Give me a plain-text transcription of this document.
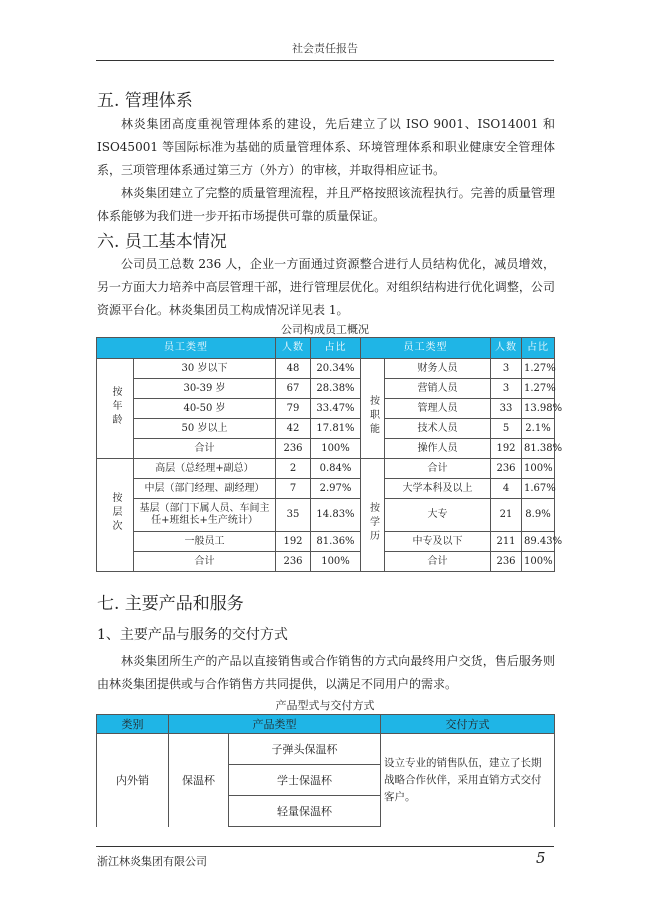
社会责任报告
五. 管理体系

林炎集团高度重视管理体系的建设，先后建立了以 ISO 9001、ISO14001 和 ISO45001 等国际标准为基础的质量管理体系、环境管理体系和职业健康安全管理体系，三项管理体系通过第三方（外方）的审核，并取得相应证书。

林炎集团建立了完整的质量管理流程，并且严格按照该流程执行。完善的质量管理体系能够为我们进一步开拓市场提供可靠的质量保证。

六. 员工基本情况

公司员工总数 236 人，企业一方面通过资源整合进行人员结构优化，减员增效，另一方面大力培养中高层管理干部，进行管理层优化。对组织结构进行优化调整，公司资源平台化。林炎集团员工构成情况详见表 1。

公司构成员工概况
员工类型		人数	占比	员工类型		人数	占比
按年龄	30 岁以下	48	20.34%		财务人员	3	1.27%
	30-39 岁	67	28.38%	按职能	营销人员	3	1.27%
	40-50 岁	79	33.47%		管理人员	33	13.98%
	50 岁以上	42	17.81%		技术人员	5	2.1%
	合计	236	100%		操作人员	192	81.38%
按层次	高层（总经理+副总）	2	0.84%		合计	236	100%
	中层（部门经理、副经理）	7	2.97%	按学历	大学本科及以上	4	1.67%
	基层（部门下属人员、车间主任+班组长+生产统计）	35	14.83%		大专	21	8.9%
	一般员工	192	81.36%		中专及以下	211	89.43%
	合计	236	100%		合计	236	100%
七. 主要产品和服务
1、主要产品与服务的交付方式

林炎集团所生产的产品以直接销售或合作销售的方式向最终用户交货，售后服务则由林炎集团提供或与合作销售方共同提供，以满足不同用户的需求。

产品型式与交付方式
类别	产品类型		交付方式
内外销	保温杯	子弹头保温杯	设立专业的销售队伍，建立了长期战略合作伙伴，采用直销方式交付客户。
		学士保温杯	
		轻量保温杯	
浙江林炎集团有限公司	5
